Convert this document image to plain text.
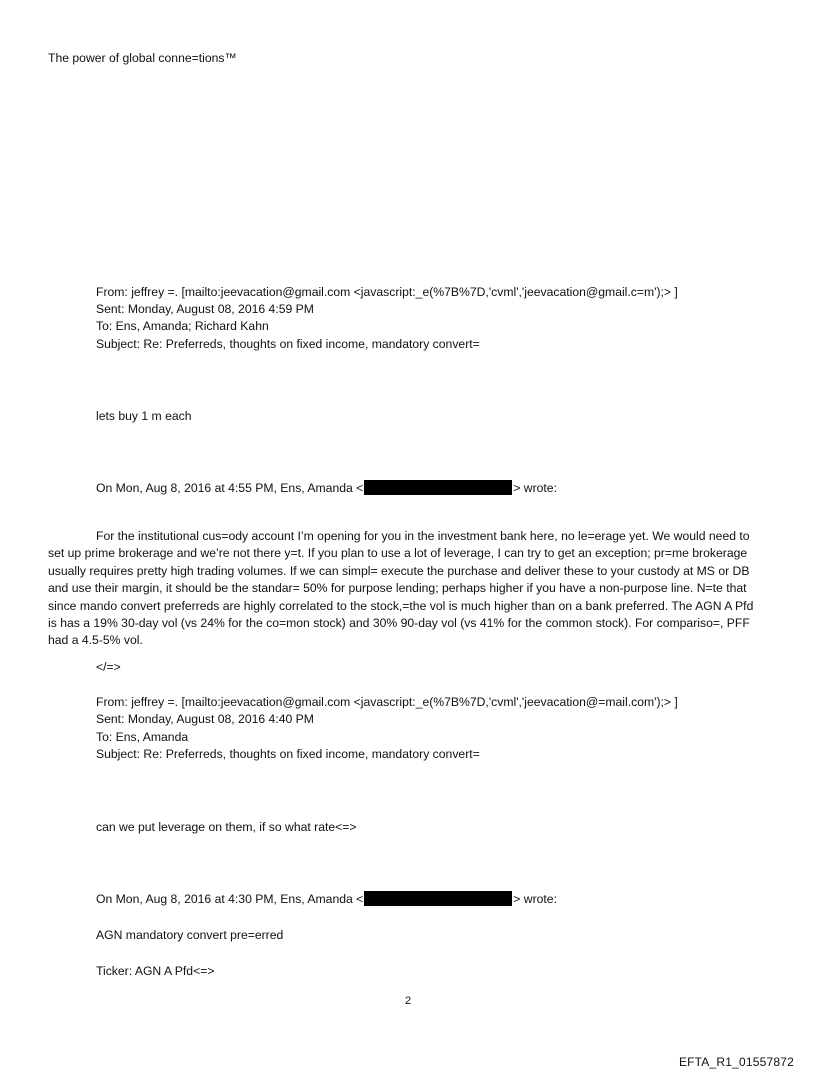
The power of global conne=tions™
From: jeffrey =. [mailto:jeevacation@gmail.com <javascript:_e(%7B%7D,'cvml','jeevacation@gmail.c=m');> ]
Sent: Monday, August 08, 2016 4:59 PM
To: Ens, Amanda; Richard Kahn
Subject: Re: Preferreds, thoughts on fixed income, mandatory convert=
lets buy 1 m each
On Mon, Aug 8, 2016 at 4:55 PM, Ens, Amanda <	> wrote:
For the institutional cus=ody account I’m opening for you in the investment bank here, no le=erage yet. We would need to set up prime brokerage and we’re not there y=t. If you plan to use a lot of leverage, I can try to get an exception; pr=me brokerage usually requires pretty high trading volumes. If we can simpl= execute the purchase and deliver these to your custody at MS or DB and use their margin, it should be the standar= 50% for purpose lending; perhaps higher if you have a non-purpose line. N=te that since mando convert preferreds are highly correlated to the stock,=the vol is much higher than on a bank preferred. The AGN A Pfd is has a 19% 30-day vol (vs 24% for the co=mon stock) and 30% 90-day vol (vs 41% for the common stock). For compariso=, PFF had a 4.5-5% vol.
</=>
From: jeffrey =. [mailto:jeevacation@gmail.com <javascript:_e(%7B%7D,'cvml','jeevacation@=mail.com');> ]
Sent: Monday, August 08, 2016 4:40 PM
To: Ens, Amanda
Subject: Re: Preferreds, thoughts on fixed income, mandatory convert=
can we put leverage on them, if so what rate<=>
On Mon, Aug 8, 2016 at 4:30 PM, Ens, Amanda <	> wrote:
AGN mandatory convert pre=erred
Ticker: AGN A Pfd<=>
2
EFTA_R1_01557872
